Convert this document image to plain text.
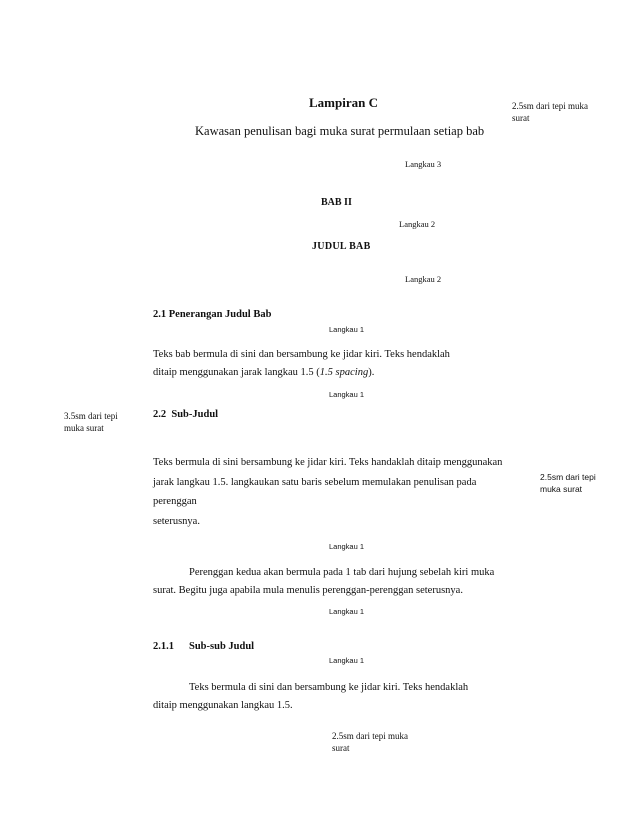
Lampiran C
Kawasan penulisan bagi muka surat permulaan setiap bab
2.5sm dari tepi muka surat
3.5sm dari tepi muka surat
2.5sm dari tepi muka surat
2.5sm dari tepi muka surat
Langkau 3
BAB II
Langkau 2
JUDUL BAB
Langkau 2
2.1 Penerangan Judul Bab
Langkau 1
Teks bab bermula di sini dan bersambung ke jidar kiri. Teks hendaklah
ditaip menggunakan jarak langkau 1.5 (1.5 spacing).
Langkau 1
2.2  Sub-Judul
Teks bermula di sini bersambung ke jidar kiri. Teks handaklah ditaip menggunakan
jarak langkau 1.5. langkaukan satu baris sebelum memulakan penulisan pada
perenggan
seterusnya.
Langkau 1
Perenggan kedua akan bermula pada 1 tab dari hujung sebelah kiri muka
surat. Begitu juga apabila mula menulis perenggan-perenggan seterusnya.
Langkau 1
2.1.1 Sub-sub Judul
Langkau 1
Teks bermula di sini dan bersambung ke jidar kiri. Teks hendaklah
ditaip menggunakan langkau 1.5.
